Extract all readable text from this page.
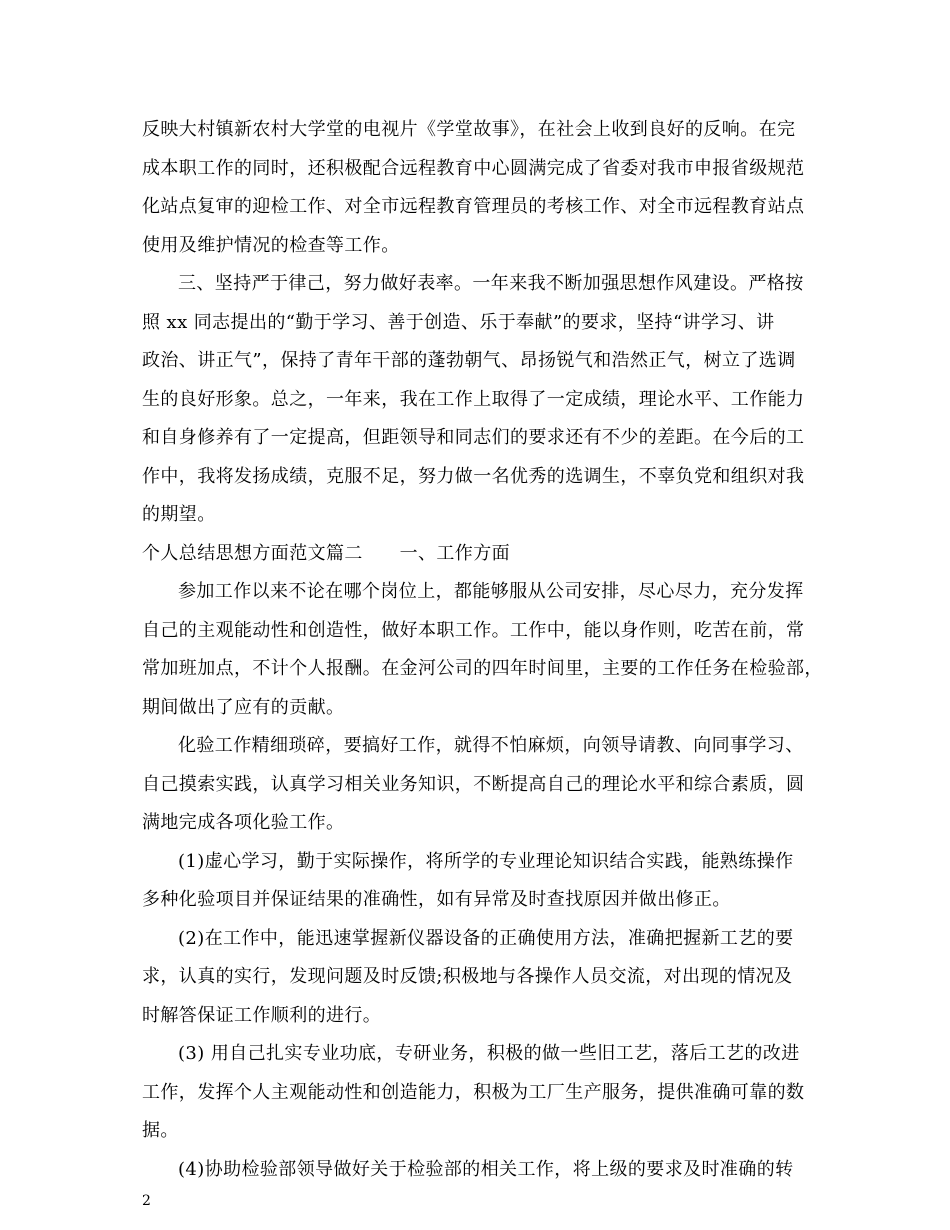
反映大村镇新农村大学堂的电视片《学堂故事》，在社会上收到良好的反响。在完
成本职工作的同时，还积极配合远程教育中心圆满完成了省委对我市申报省级规范
化站点复审的迎检工作、对全市远程教育管理员的考核工作、对全市远程教育站点
使用及维护情况的检查等工作。
三、坚持严于律己，努力做好表率。一年来我不断加强思想作风建设。严格按
照 xx 同志提出的“勤于学习、善于创造、乐于奉献”的要求，坚持“讲学习、讲
政治、讲正气”，保持了青年干部的蓬勃朝气、昂扬锐气和浩然正气，树立了选调
生的良好形象。总之，一年来，我在工作上取得了一定成绩，理论水平、工作能力
和自身修养有了一定提高，但距领导和同志们的要求还有不少的差距。在今后的工
作中，我将发扬成绩，克服不足，努力做一名优秀的选调生，不辜负党和组织对我
的期望。
个人总结思想方面范文篇二　　一、工作方面
参加工作以来不论在哪个岗位上，都能够服从公司安排，尽心尽力，充分发挥
自己的主观能动性和创造性，做好本职工作。工作中，能以身作则，吃苦在前，常
常加班加点，不计个人报酬。在金河公司的四年时间里，主要的工作任务在检验部，
期间做出了应有的贡献。
化验工作精细琐碎，要搞好工作，就得不怕麻烦，向领导请教、向同事学习、
自己摸索实践，认真学习相关业务知识，不断提高自己的理论水平和综合素质，圆
满地完成各项化验工作。
(1)虚心学习，勤于实际操作，将所学的专业理论知识结合实践，能熟练操作
多种化验项目并保证结果的准确性，如有异常及时查找原因并做出修正。
(2)在工作中，能迅速掌握新仪器设备的正确使用方法，准确把握新工艺的要
求，认真的实行，发现问题及时反馈;积极地与各操作人员交流，对出现的情况及
时解答保证工作顺利的进行。
(3) 用自己扎实专业功底，专研业务，积极的做一些旧工艺，落后工艺的改进
工作，发挥个人主观能动性和创造能力，积极为工厂生产服务，提供准确可靠的数
据。
(4)协助检验部领导做好关于检验部的相关工作，将上级的要求及时准确的转
2
